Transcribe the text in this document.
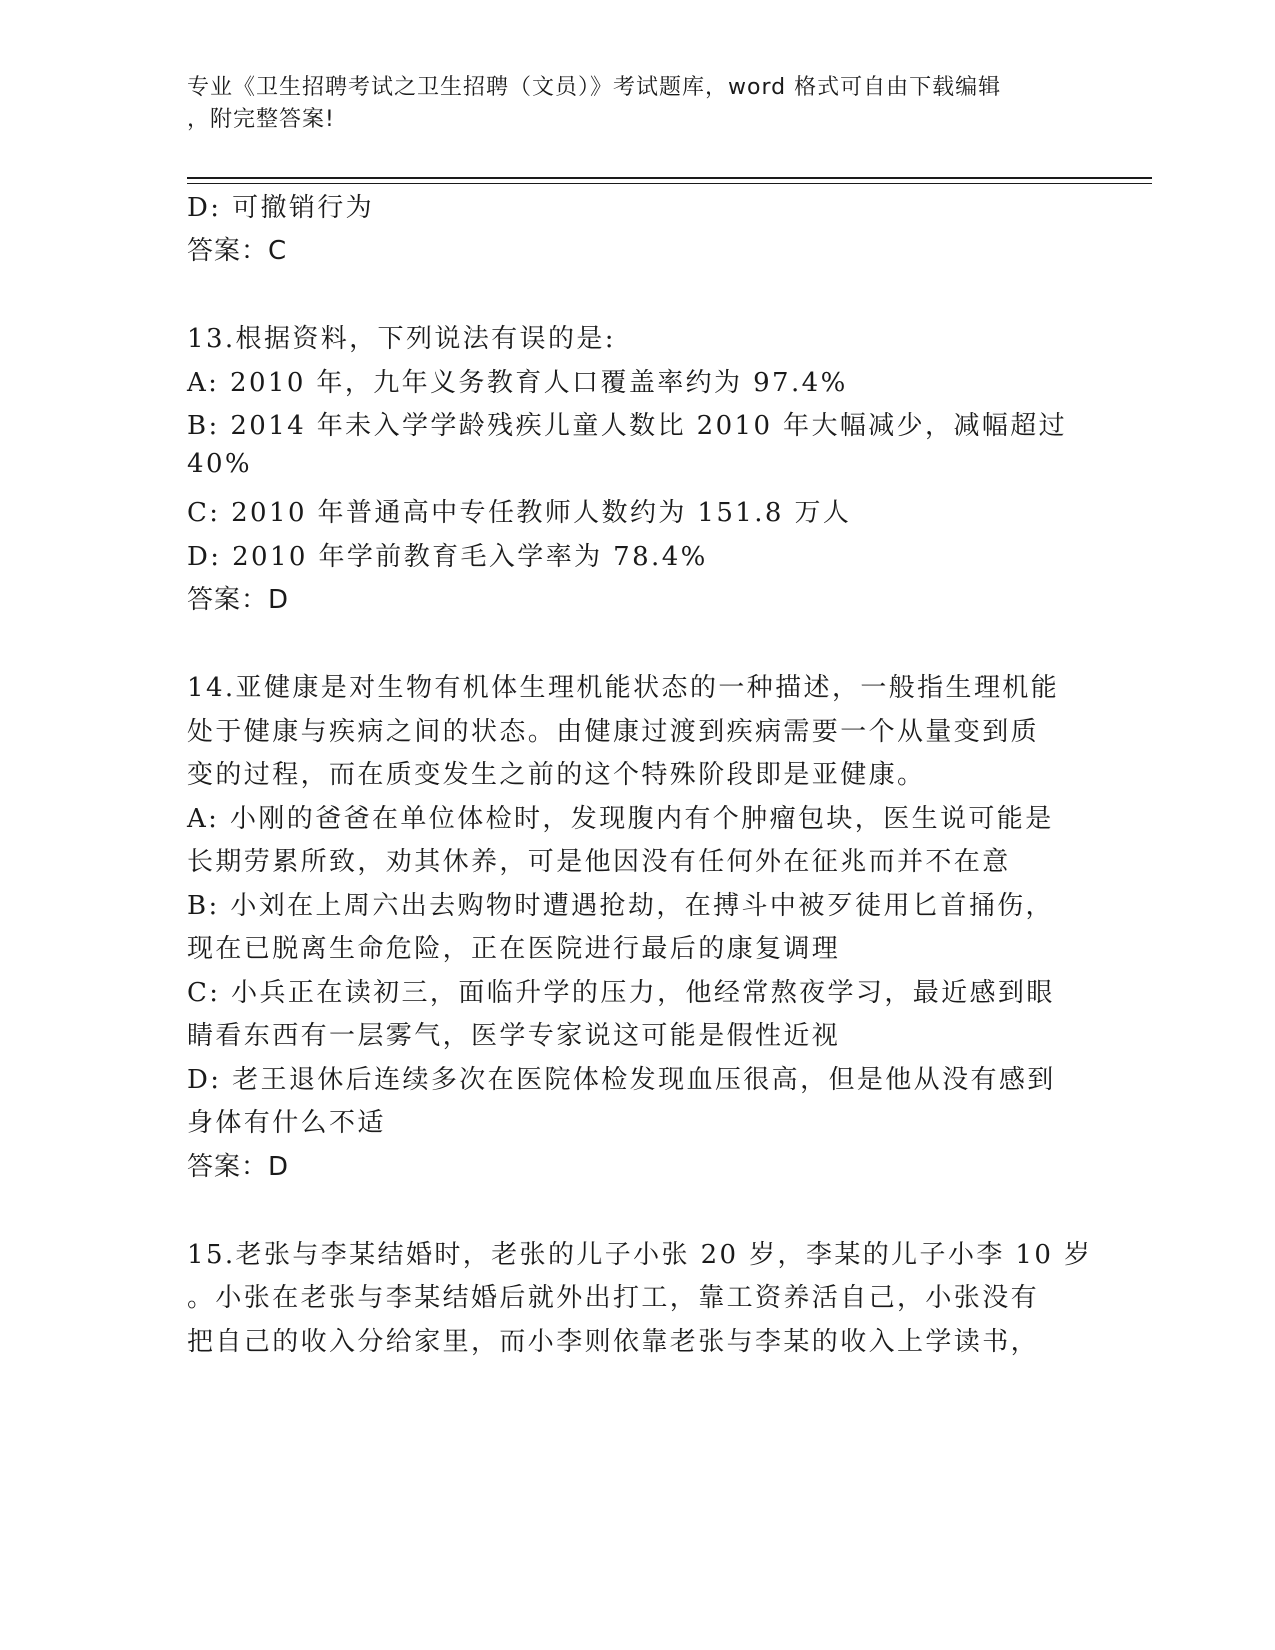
专业《卫生招聘考试之卫生招聘（文员）》考试题库，word 格式可自由下载编辑
，附完整答案!
D: 可撤销行为
答案：C
13.根据资料，下列说法有误的是:
A: 2010 年，九年义务教育人口覆盖率约为 97.4%
B: 2014 年未入学学龄残疾儿童人数比 2010 年大幅减少，减幅超过
40%
C: 2010 年普通高中专任教师人数约为 151.8 万人
D: 2010 年学前教育毛入学率为 78.4%
答案：D
14.亚健康是对生物有机体生理机能状态的一种描述，一般指生理机能
处于健康与疾病之间的状态。由健康过渡到疾病需要一个从量变到质
变的过程，而在质变发生之前的这个特殊阶段即是亚健康。
A: 小刚的爸爸在单位体检时，发现腹内有个肿瘤包块，医生说可能是
长期劳累所致，劝其休养，可是他因没有任何外在征兆而并不在意
B: 小刘在上周六出去购物时遭遇抢劫，在搏斗中被歹徒用匕首捅伤，
现在已脱离生命危险，正在医院进行最后的康复调理
C: 小兵正在读初三，面临升学的压力，他经常熬夜学习，最近感到眼
睛看东西有一层雾气，医学专家说这可能是假性近视
D: 老王退休后连续多次在医院体检发现血压很高，但是他从没有感到
身体有什么不适
答案：D
15.老张与李某结婚时，老张的儿子小张 20 岁，李某的儿子小李 10 岁
。小张在老张与李某结婚后就外出打工，靠工资养活自己，小张没有
把自己的收入分给家里，而小李则依靠老张与李某的收入上学读书，
